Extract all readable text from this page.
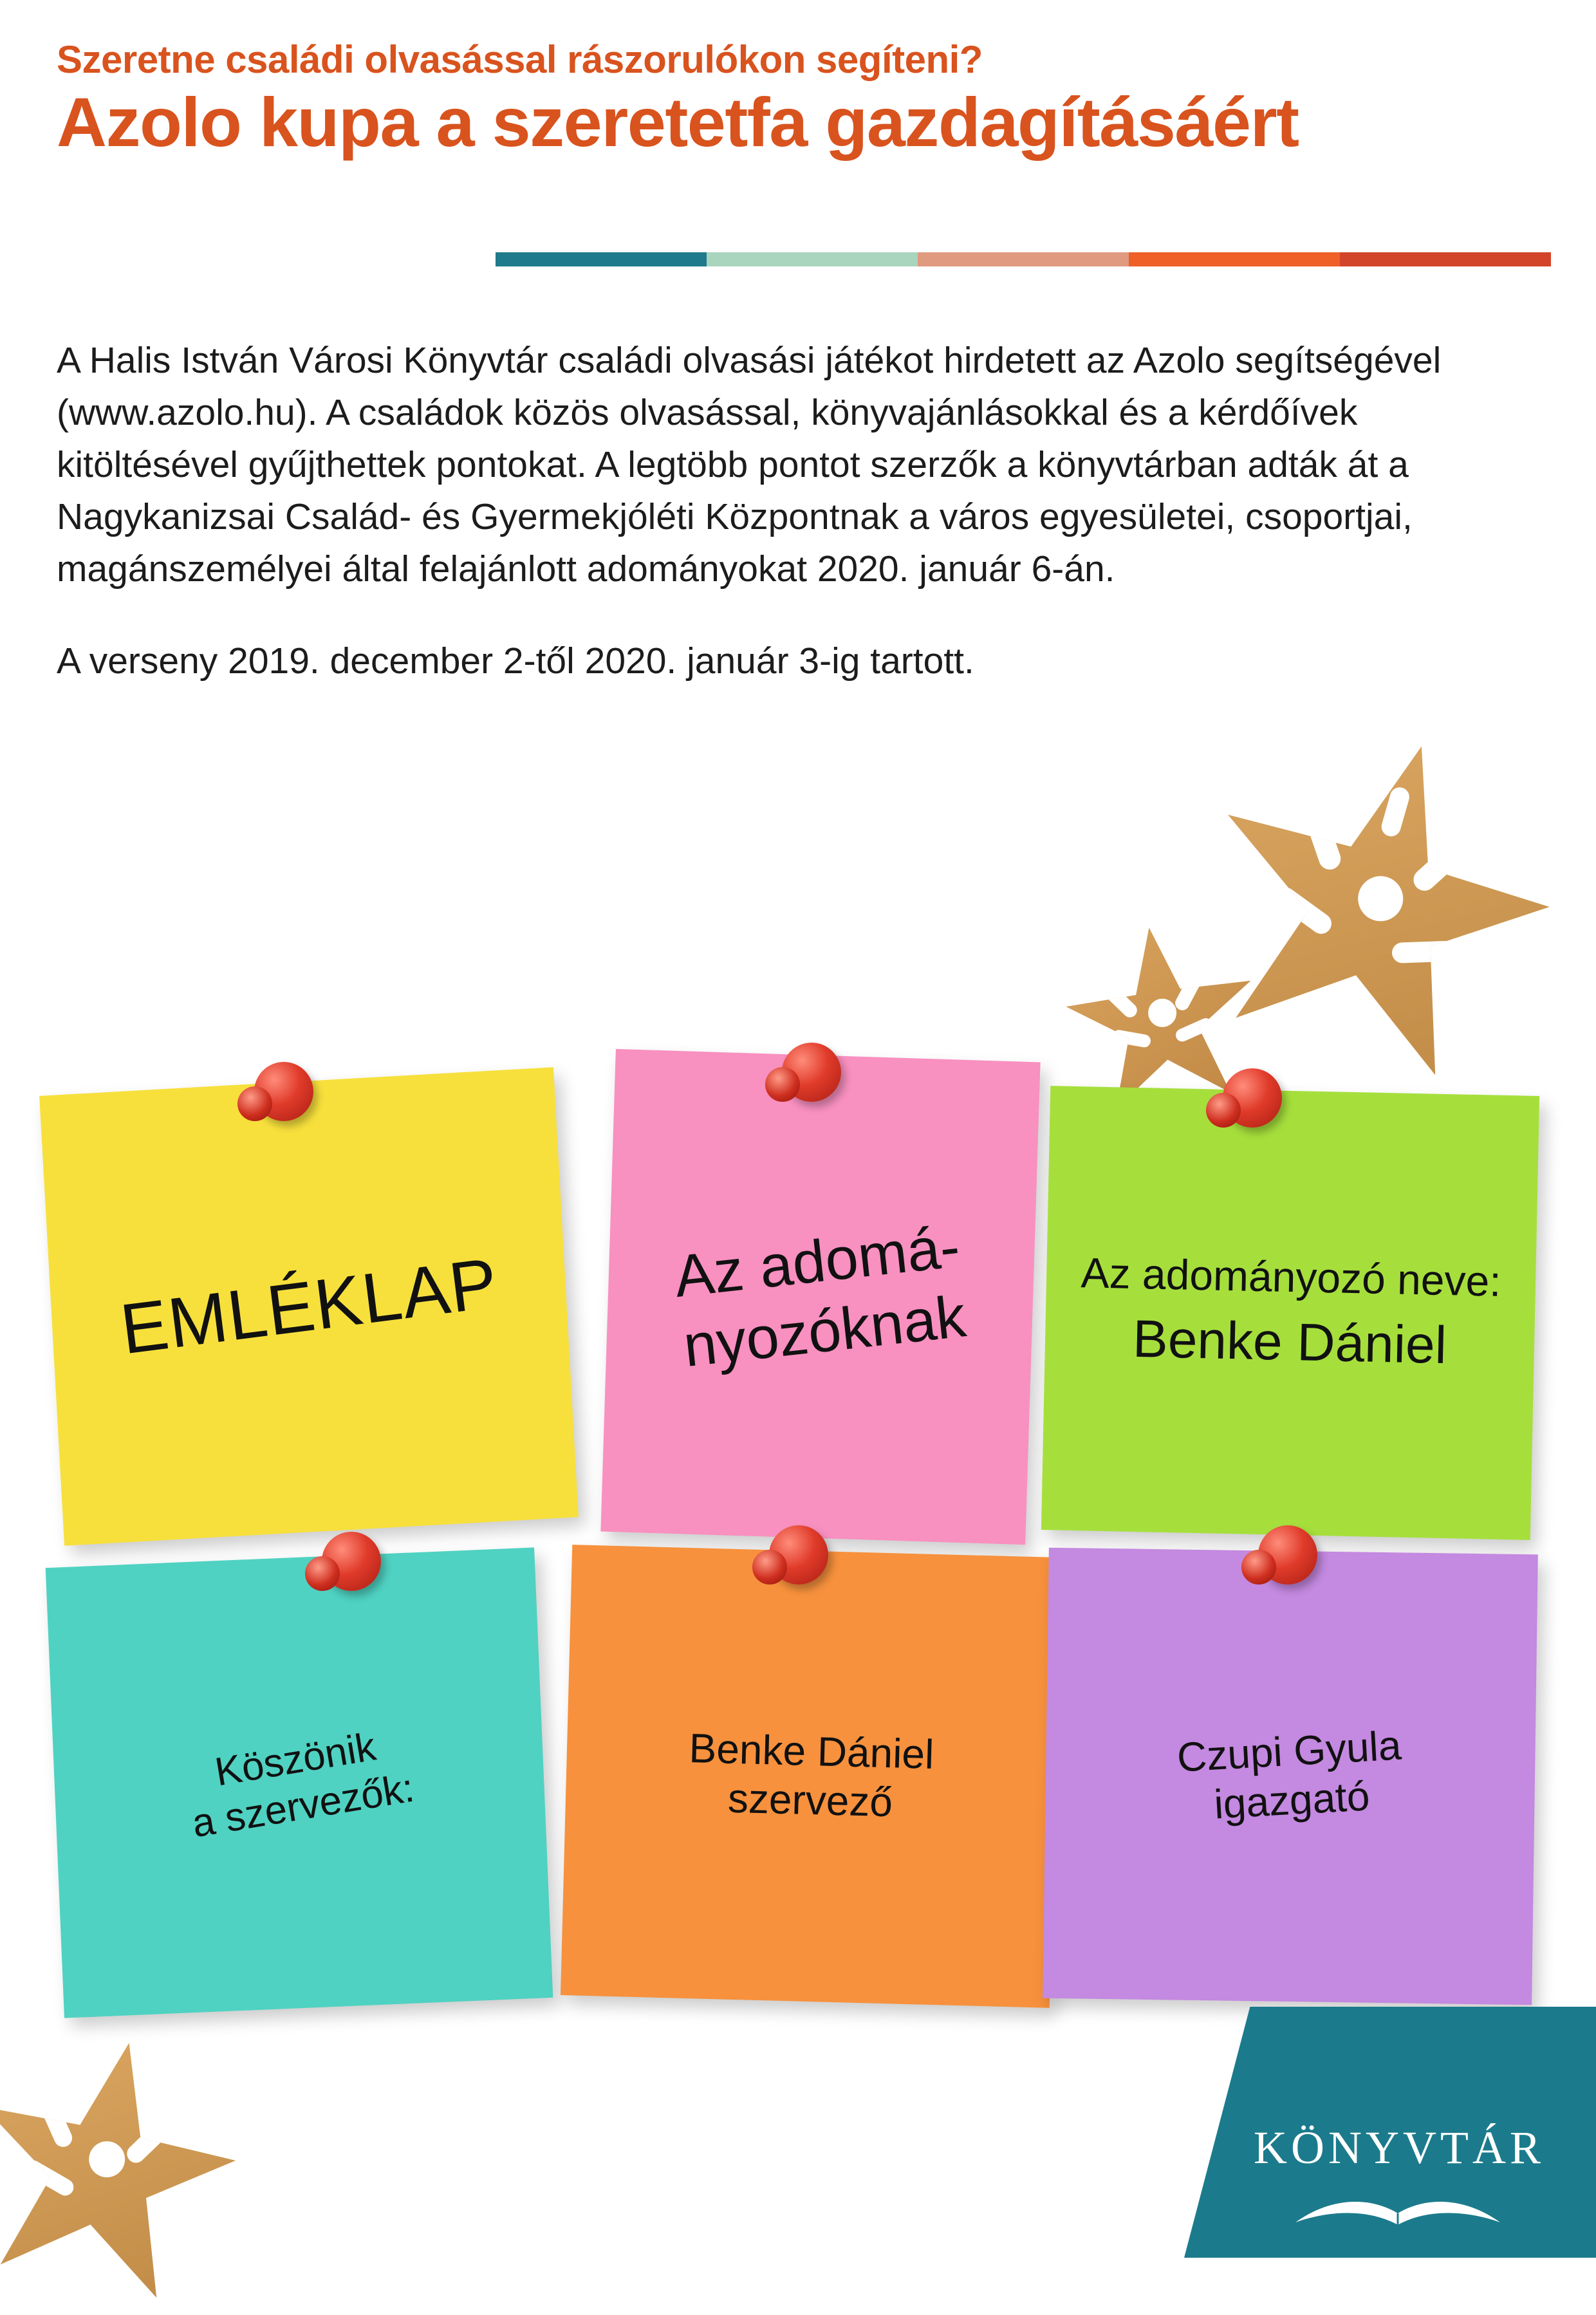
Szeretne családi olvasással rászorulókon segíteni?
Azolo kupa a szeretetfa gazdagításáért

A Halis István Városi Könyvtár családi olvasási játékot hirdetett az Azolo segítségével (www.azolo.hu). A családok közös olvasással, könyvajánlásokkal és a kérdőívek kitöltésével gyűjthettek pontokat. A legtöbb pontot szerzők a könyvtárban adták át a Nagykanizsai Család- és Gyermekjóléti Központnak a város egyesületei, csoportjai, magánszemélyei által felajánlott adományokat 2020. január 6-án.

A verseny 2019. december 2-től 2020. január 3-ig tartott.

EMLÉKLAP	Az adomá-
nyozóknak

Az adományozó neve:

Benke Dániel

Köszönik
a szervezők:
Benke Dániel
szervező
Czupi Gyula
igazgató
KÖNYVTÁR
